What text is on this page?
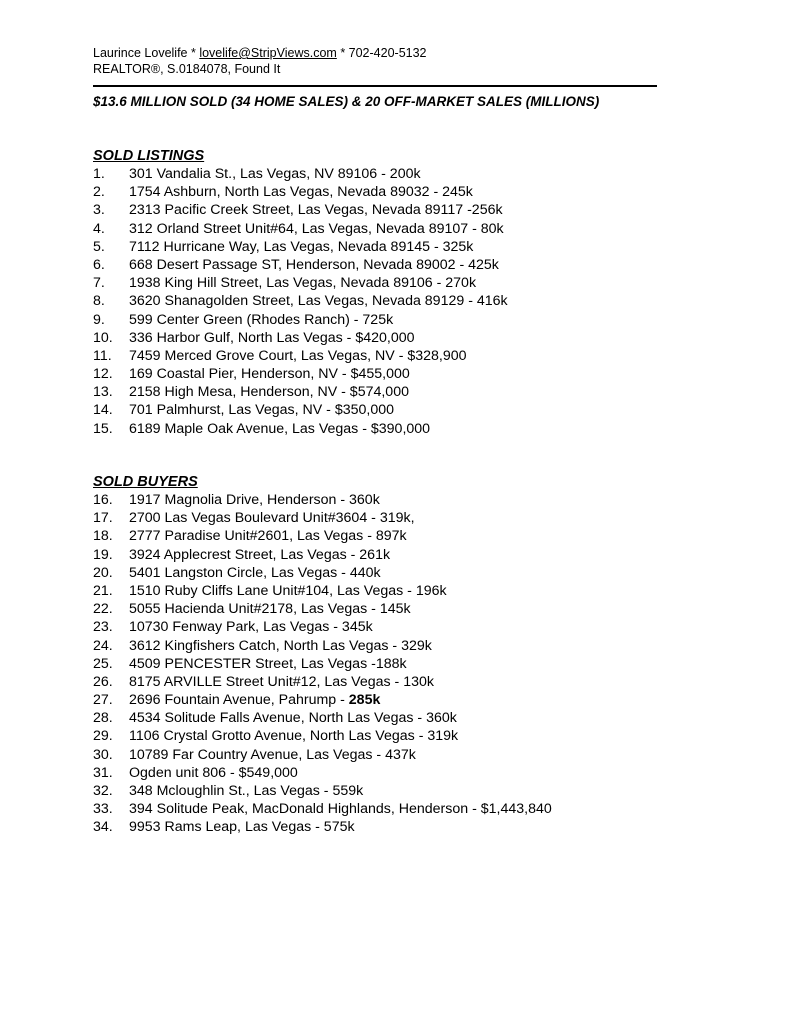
Laurince Lovelife * lovelife@StripViews.com * 702-420-5132
REALTOR®, S.0184078, Found It
$13.6 MILLION SOLD (34 HOME SALES) & 20 OFF-MARKET SALES (MILLIONS)
SOLD LISTINGS
1. 301 Vandalia St., Las Vegas, NV 89106 - 200k
2. 1754 Ashburn, North Las Vegas, Nevada 89032 - 245k
3. 2313 Pacific Creek Street, Las Vegas, Nevada 89117 -256k
4. 312 Orland Street Unit#64, Las Vegas, Nevada 89107 - 80k
5. 7112 Hurricane Way, Las Vegas, Nevada 89145 - 325k
6. 668 Desert Passage ST, Henderson, Nevada 89002 - 425k
7. 1938 King Hill Street, Las Vegas, Nevada 89106 - 270k
8. 3620 Shanagolden Street, Las Vegas, Nevada 89129 - 416k
9. 599 Center Green (Rhodes Ranch) - 725k
10. 336 Harbor Gulf, North Las Vegas - $420,000
11. 7459 Merced Grove Court, Las Vegas, NV - $328,900
12. 169 Coastal Pier, Henderson, NV - $455,000
13. 2158 High Mesa, Henderson, NV - $574,000
14. 701 Palmhurst, Las Vegas, NV - $350,000
15. 6189 Maple Oak Avenue, Las Vegas - $390,000
SOLD BUYERS
16. 1917 Magnolia Drive, Henderson - 360k
17. 2700 Las Vegas Boulevard Unit#3604 - 319k,
18. 2777 Paradise Unit#2601, Las Vegas - 897k
19. 3924 Applecrest Street, Las Vegas - 261k
20. 5401 Langston Circle, Las Vegas - 440k
21. 1510 Ruby Cliffs Lane Unit#104, Las Vegas - 196k
22. 5055 Hacienda Unit#2178, Las Vegas - 145k
23. 10730 Fenway Park, Las Vegas - 345k
24. 3612 Kingfishers Catch, North Las Vegas - 329k
25. 4509 PENCESTER Street, Las Vegas -188k
26. 8175 ARVILLE Street Unit#12, Las Vegas - 130k
27. 2696 Fountain Avenue, Pahrump - 285k
28. 4534 Solitude Falls Avenue, North Las Vegas - 360k
29. 1106 Crystal Grotto Avenue, North Las Vegas - 319k
30. 10789 Far Country Avenue, Las Vegas - 437k
31. Ogden unit 806 - $549,000
32. 348 Mcloughlin St., Las Vegas - 559k
33. 394 Solitude Peak, MacDonald Highlands, Henderson - $1,443,840
34. 9953 Rams Leap, Las Vegas - 575k
